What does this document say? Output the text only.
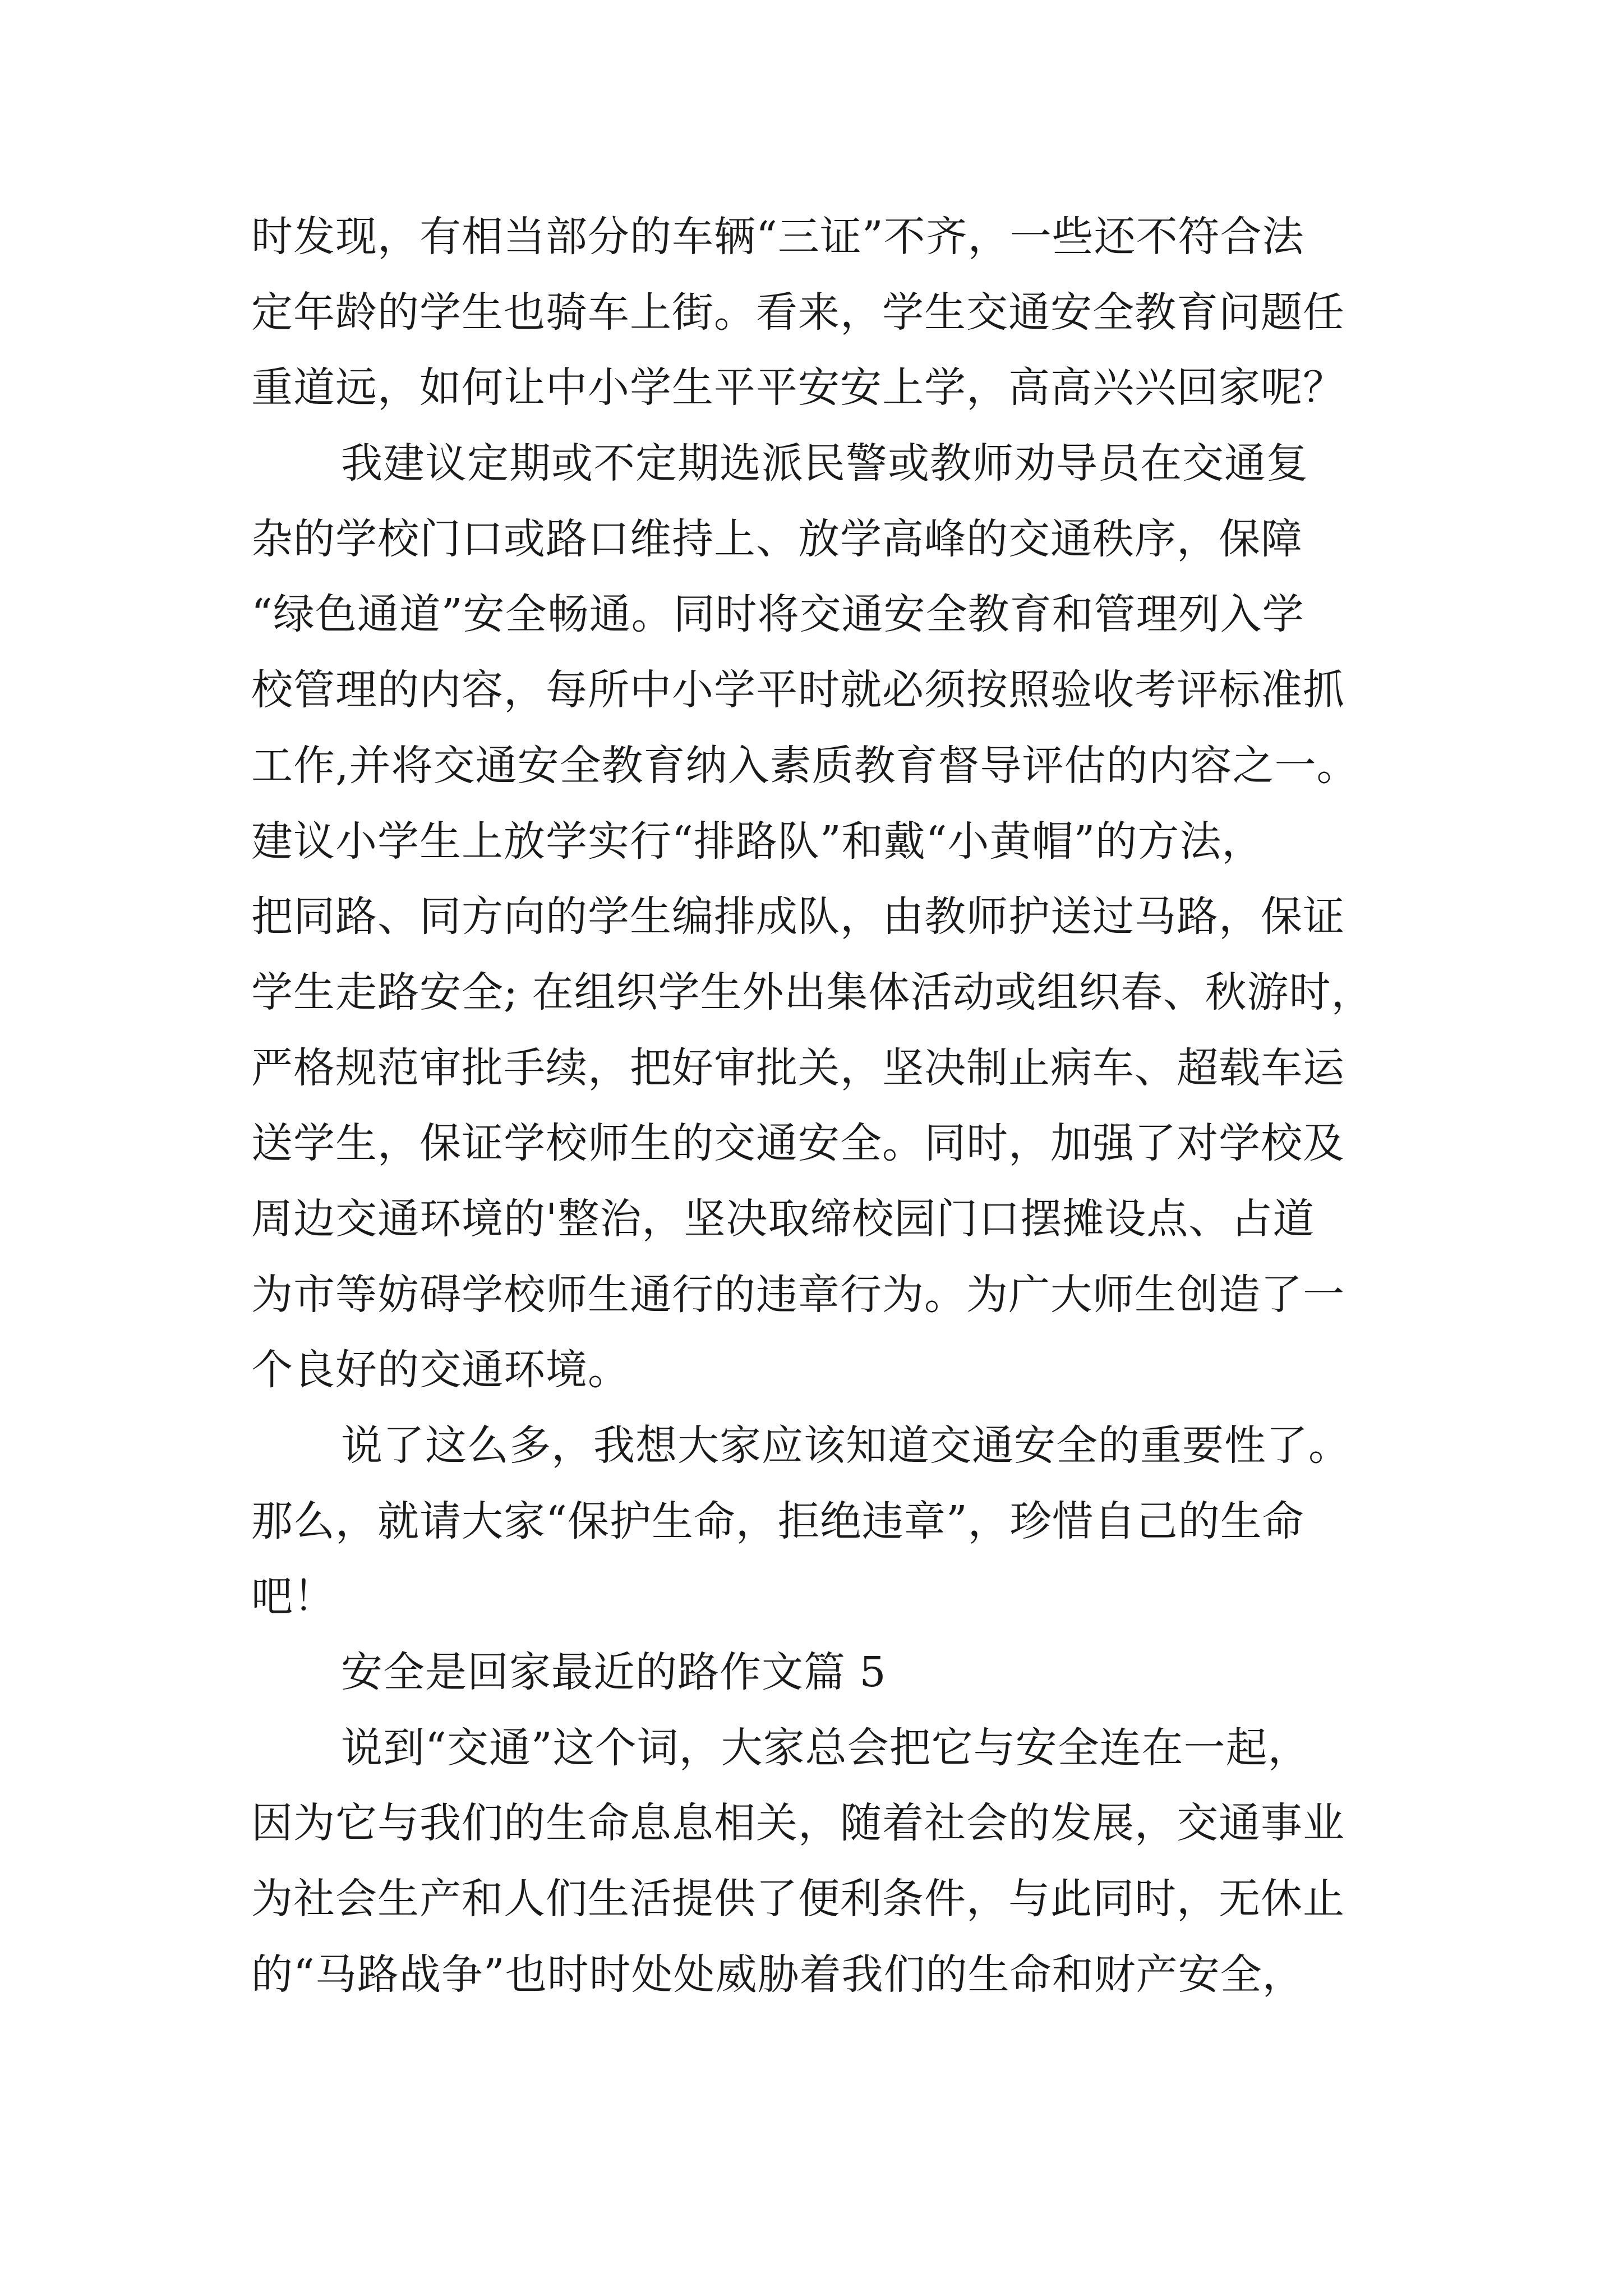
时发现，有相当部分的车辆“三证”不齐，一些还不符合法
定年龄的学生也骑车上街。看来，学生交通安全教育问题任
重道远，如何让中小学生平平安安上学，高高兴兴回家呢？
我建议定期或不定期选派民警或教师劝导员在交通复
杂的学校门口或路口维持上、放学高峰的交通秩序，保障
“绿色通道”安全畅通。同时将交通安全教育和管理列入学
校管理的内容，每所中小学平时就必须按照验收考评标准抓
工作,并将交通安全教育纳入素质教育督导评估的内容之一。
建议小学生上放学实行“排路队”和戴“小黄帽”的方法，
把同路、同方向的学生编排成队，由教师护送过马路，保证
学生走路安全; 在组织学生外出集体活动或组织春、秋游时，
严格规范审批手续，把好审批关，坚决制止病车、超载车运
送学生，保证学校师生的交通安全。同时，加强了对学校及
周边交通环境的'整治，坚决取缔校园门口摆摊设点、占道
为市等妨碍学校师生通行的违章行为。为广大师生创造了一
个良好的交通环境。
说了这么多，我想大家应该知道交通安全的重要性了。
那么，就请大家“保护生命，拒绝违章”，珍惜自己的生命
吧！
安全是回家最近的路作文篇 5
说到“交通”这个词，大家总会把它与安全连在一起，
因为它与我们的生命息息相关，随着社会的发展，交通事业
为社会生产和人们生活提供了便利条件，与此同时，无休止
的“马路战争”也时时处处威胁着我们的生命和财产安全，
